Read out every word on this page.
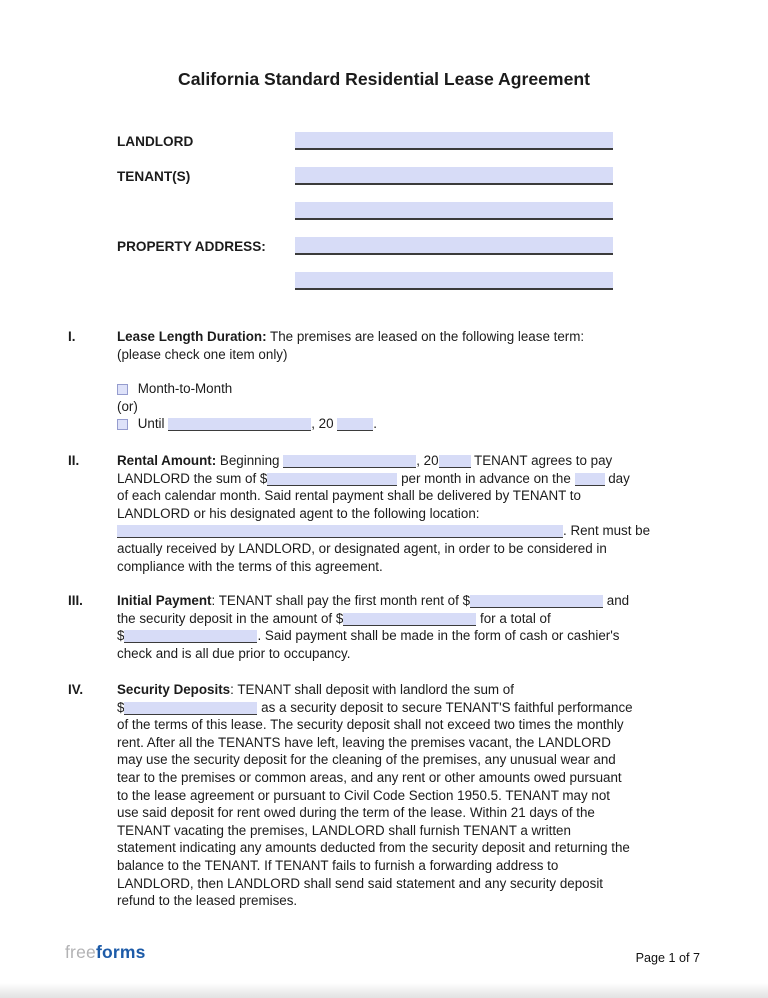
California Standard Residential Lease Agreement
LANDLORD
TENANT(S)
PROPERTY ADDRESS:
I.	Lease Length Duration: The premises are leased on the following lease term:
(please check one item only)
Month-to-Month
(or)
Until	, 20	.
II.	Rental Amount: Beginning	, 20 TENANT agrees to pay
LANDLORD the sum of $	per month in advance on the  day
of each calendar month. Said rental payment shall be delivered by TENANT to
LANDLORD or his designated agent to the following location:
. Rent must be
actually received by LANDLORD, or designated agent, in order to be considered in
compliance with the terms of this agreement.
III.	Initial Payment: TENANT shall pay the first month rent of $	and
the security deposit in the amount of $	for a total of
$	. Said payment shall be made in the form of cash or cashier's
check and is all due prior to occupancy.
IV.	Security Deposits: TENANT shall deposit with landlord the sum of
$	as a security deposit to secure TENANT'S faithful performance
of the terms of this lease. The security deposit shall not exceed two times the monthly
rent. After all the TENANTS have left, leaving the premises vacant, the LANDLORD
may use the security deposit for the cleaning of the premises, any unusual wear and
tear to the premises or common areas, and any rent or other amounts owed pursuant
to the lease agreement or pursuant to Civil Code Section 1950.5. TENANT may not
use said deposit for rent owed during the term of the lease. Within 21 days of the
TENANT vacating the premises, LANDLORD shall furnish TENANT a written
statement indicating any amounts deducted from the security deposit and returning the
balance to the TENANT. If TENANT fails to furnish a forwarding address to
LANDLORD, then LANDLORD shall send said statement and any security deposit
refund to the leased premises.
freeforms	Page 1 of 7
